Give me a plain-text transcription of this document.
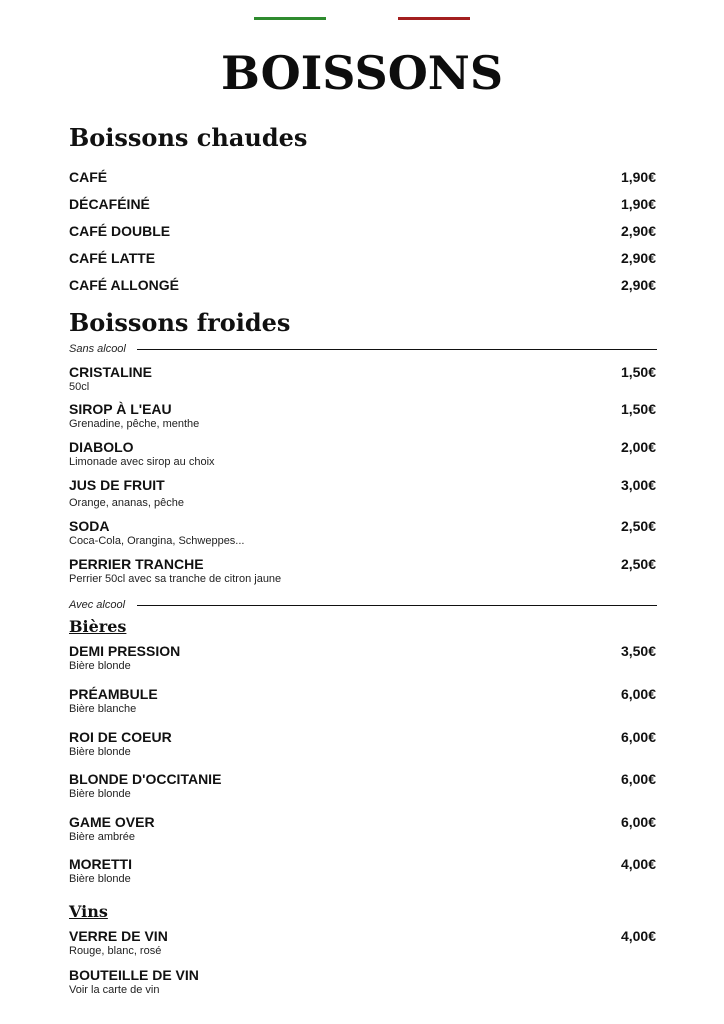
BOISSONS
Boissons chaudes
CAFÉ	1,90€
DÉCAFÉINÉ	1,90€
CAFÉ DOUBLE	2,90€
CAFÉ LATTE	2,90€
CAFÉ ALLONGÉ	2,90€
Boissons froides
Sans alcool
CRISTALINE	1,50€
50cl
SIROP À L'EAU	1,50€
Grenadine, pêche, menthe
DIABOLO	2,00€
Limonade avec sirop au choix
JUS DE FRUIT	3,00€
Orange, ananas, pêche
SODA	2,50€
Coca-Cola, Orangina, Schweppes...
PERRIER TRANCHE	2,50€
Perrier 50cl avec sa tranche de citron jaune
Avec alcool
Bières
DEMI PRESSION	3,50€
Bière blonde
PRÉAMBULE	6,00€
Bière blanche
ROI DE COEUR	6,00€
Bière blonde
BLONDE D'OCCITANIE	6,00€
Bière blonde
GAME OVER	6,00€
Bière ambrée
MORETTI	4,00€
Bière blonde
Vins
VERRE DE VIN	4,00€
Rouge, blanc, rosé
BOUTEILLE DE VIN
Voir la carte de vin
